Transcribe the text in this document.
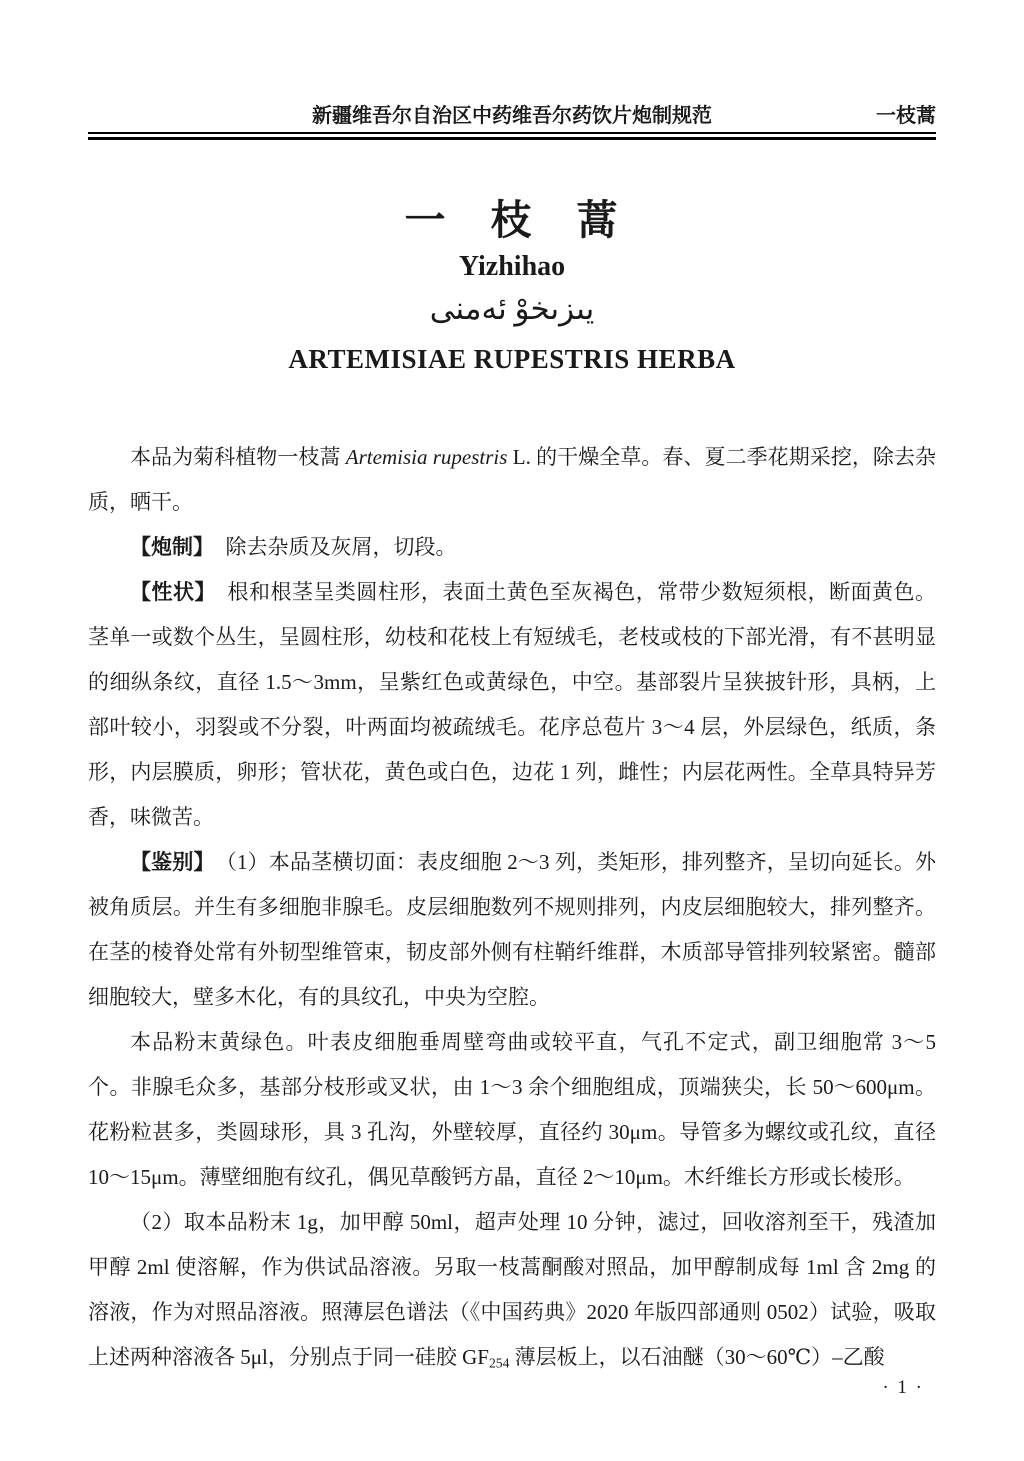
新疆维吾尔自治区中药维吾尔药饮片炮制规范	一枝蒿
一　枝　蒿
Yizhihao
يىزىخوْ ئەمنى
ARTEMISIAE RUPESTRIS HERBA

本品为菊科植物一枝蒿 Artemisia rupestris L. 的干燥全草。春、夏二季花期采挖，除去杂质，晒干。

【炮制】 除去杂质及灰屑，切段。

【性状】 根和根茎呈类圆柱形，表面土黄色至灰褐色，常带少数短须根，断面黄色。茎单一或数个丛生，呈圆柱形，幼枝和花枝上有短绒毛，老枝或枝的下部光滑，有不甚明显的细纵条纹，直径 1.5～3mm，呈紫红色或黄绿色，中空。基部裂片呈狭披针形，具柄，上部叶较小，羽裂或不分裂，叶两面均被疏绒毛。花序总苞片 3～4 层，外层绿色，纸质，条形，内层膜质，卵形；管状花，黄色或白色，边花 1 列，雌性；内层花两性。全草具特异芳香，味微苦。

【鉴别】 （1）本品茎横切面：表皮细胞 2～3 列，类矩形，排列整齐，呈切向延长。外被角质层。并生有多细胞非腺毛。皮层细胞数列不规则排列，内皮层细胞较大，排列整齐。在茎的棱脊处常有外韧型维管束，韧皮部外侧有柱鞘纤维群，木质部导管排列较紧密。髓部细胞较大，壁多木化，有的具纹孔，中央为空腔。

本品粉末黄绿色。叶表皮细胞垂周壁弯曲或较平直，气孔不定式，副卫细胞常 3～5 个。非腺毛众多，基部分枝形或叉状，由 1～3 余个细胞组成，顶端狭尖，长 50～600μm。花粉粒甚多，类圆球形，具 3 孔沟，外壁较厚，直径约 30μm。导管多为螺纹或孔纹，直径 10～15μm。薄壁细胞有纹孔，偶见草酸钙方晶，直径 2～10μm。木纤维长方形或长棱形。

（2）取本品粉末 1g，加甲醇 50ml，超声处理 10 分钟，滤过，回收溶剂至干，残渣加甲醇 2ml 使溶解，作为供试品溶液。另取一枝蒿酮酸对照品，加甲醇制成每 1ml 含 2mg 的溶液，作为对照品溶液。照薄层色谱法（《中国药典》2020 年版四部通则 0502）试验，吸取上述两种溶液各 5μl，分别点于同一硅胶 $GF_{254}$ 薄层板上，以石油醚（30～60℃）–乙酸

· 1 ·
